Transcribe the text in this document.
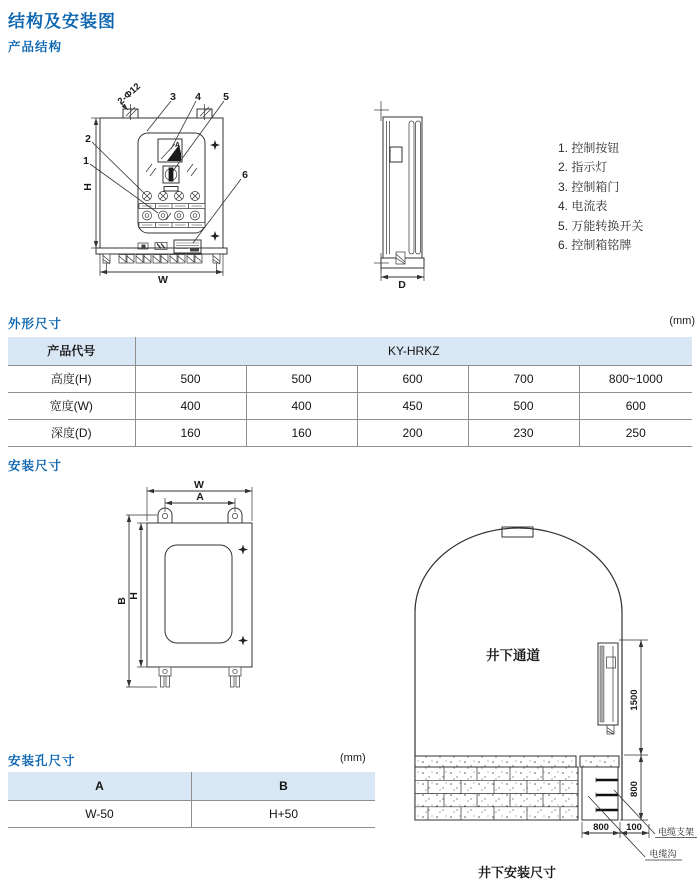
结构及安装图
产品结构
A
2-Φ12	3 4 5
2
1
6
H
W	D
W
A
B
H
井下通道
1500
800
800 100 电缆支架
电缆沟
井下安装尺寸
1. 控制按钮
2. 指示灯
3. 控制箱门
4. 电流表
5. 万能转换开关
6. 控制箱铭牌
外形尺寸	(mm)
产品代号	KY-HRKZ				
高度(H)	500	500	600	700	800~1000
宽度(W)	400	400	450	500	600
深度(D)	160	160	200	230	250
安装尺寸
安装孔尺寸	(mm)
A	B
W-50	H+50
